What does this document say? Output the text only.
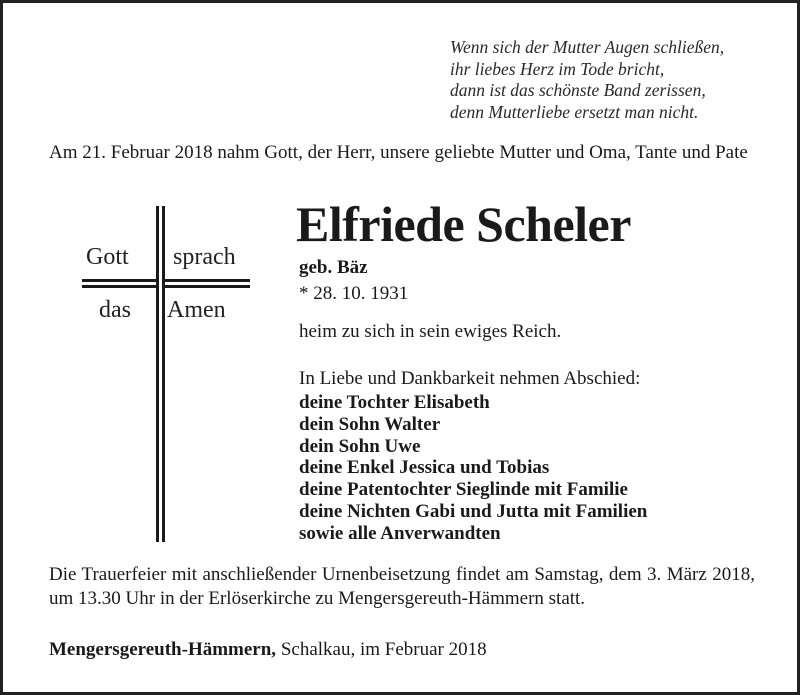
Wenn sich der Mutter Augen schließen,
ihr liebes Herz im Tode bricht,
dann ist das schönste Band zerissen,
denn Mutterliebe ersetzt man nicht.
Am 21. Februar 2018 nahm Gott, der Herr, unsere geliebte Mutter und Oma, Tante und Pate
Gott sprach
das Amen
Elfriede Scheler
geb. Bäz
* 28. 10. 1931
heim zu sich in sein ewiges Reich.
In Liebe und Dankbarkeit nehmen Abschied:
deine Tochter Elisabeth
dein Sohn Walter
dein Sohn Uwe
deine Enkel Jessica und Tobias
deine Patentochter Sieglinde mit Familie
deine Nichten Gabi und Jutta mit Familien
sowie alle Anverwandten
Die Trauerfeier mit anschließender Urnenbeisetzung findet am Samstag, dem 3. März 2018, um 13.30 Uhr in der Erlöserkirche zu Mengersgereuth-Hämmern statt.
Mengersgereuth-Hämmern, Schalkau, im Februar 2018
